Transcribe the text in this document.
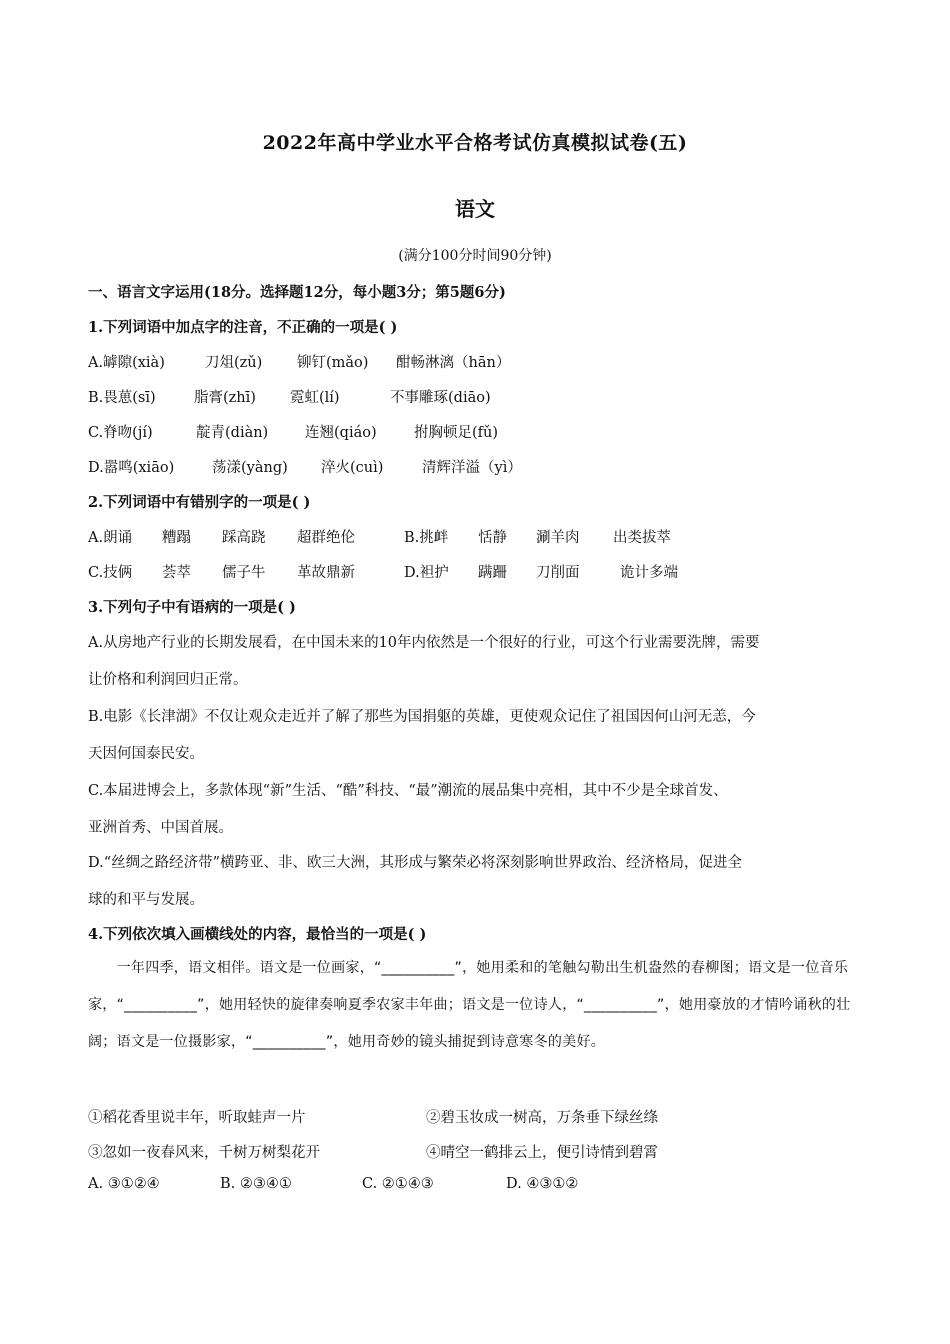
2022年高中学业水平合格考试仿真模拟试卷(五)
语文
(满分100分时间90分钟)
一、语言文字运用(18分。选择题12分，每小题3分；第5题6分)
1.下列词语中加点字的注音，不正确的一项是( )
A.罅隙(xià)	刀俎(zǔ) 铆钉(mǎo) 酣畅淋漓（hān）
B.畏葸(sī)	脂膏(zhī) 霓虹(lí)	不事雕琢(diāo)
C.脊吻(jí)	靛青(diàn)	连翘(qiáo)	拊胸顿足(fǔ)
D.嚣鸣(xiāo)	荡漾(yàng) 淬火(cuì)	清辉洋溢（yì）
2.下列词语中有错别字的一项是( )
A.朗诵 糟蹋 踩高跷 超群绝伦	B.挑衅 恬静 涮羊肉 出类拔萃
C.技俩 荟萃 儒子牛 革故鼎新	D.袒护 蹒跚 刀削面	诡计多端
3.下列句子中有语病的一项是( )
A.从房地产行业的长期发展看，在中国未来的10年内依然是一个很好的行业，可这个行业需要洗牌，需要
让价格和利润回归正常。
B.电影《长津湖》不仅让观众走近并了解了那些为国捐躯的英雄，更使观众记住了祖国因何山河无恙，今
天因何国泰民安。
C.本届进博会上，多款体现“新”生活、“酷”科技、“最”潮流的展品集中亮相，其中不少是全球首发、
亚洲首秀、中国首展。
D.“丝绸之路经济带”横跨亚、非、欧三大洲，其形成与繁荣必将深刻影响世界政治、经济格局，促进全
球的和平与发展。
4.下列依次填入画横线处的内容，最恰当的一项是( )
　　一年四季，语文相伴。语文是一位画家，“__________”，她用柔和的笔触勾勒出生机盎然的春柳图；语文是一位音乐家，“__________”，她用轻快的旋律奏响夏季农家丰年曲；语文是一位诗人，“__________”，她用豪放的才情吟诵秋的壮阔；语文是一位摄影家，“__________”，她用奇妙的镜头捕捉到诗意寒冬的美好。
①稻花香里说丰年，听取蛙声一片	②碧玉妆成一树高，万条垂下绿丝绦
③忽如一夜春风来，千树万树梨花开	④晴空一鹤排云上，便引诗情到碧霄
A. ③①②④	B. ②③④①	C. ②①④③	D. ④③①②
